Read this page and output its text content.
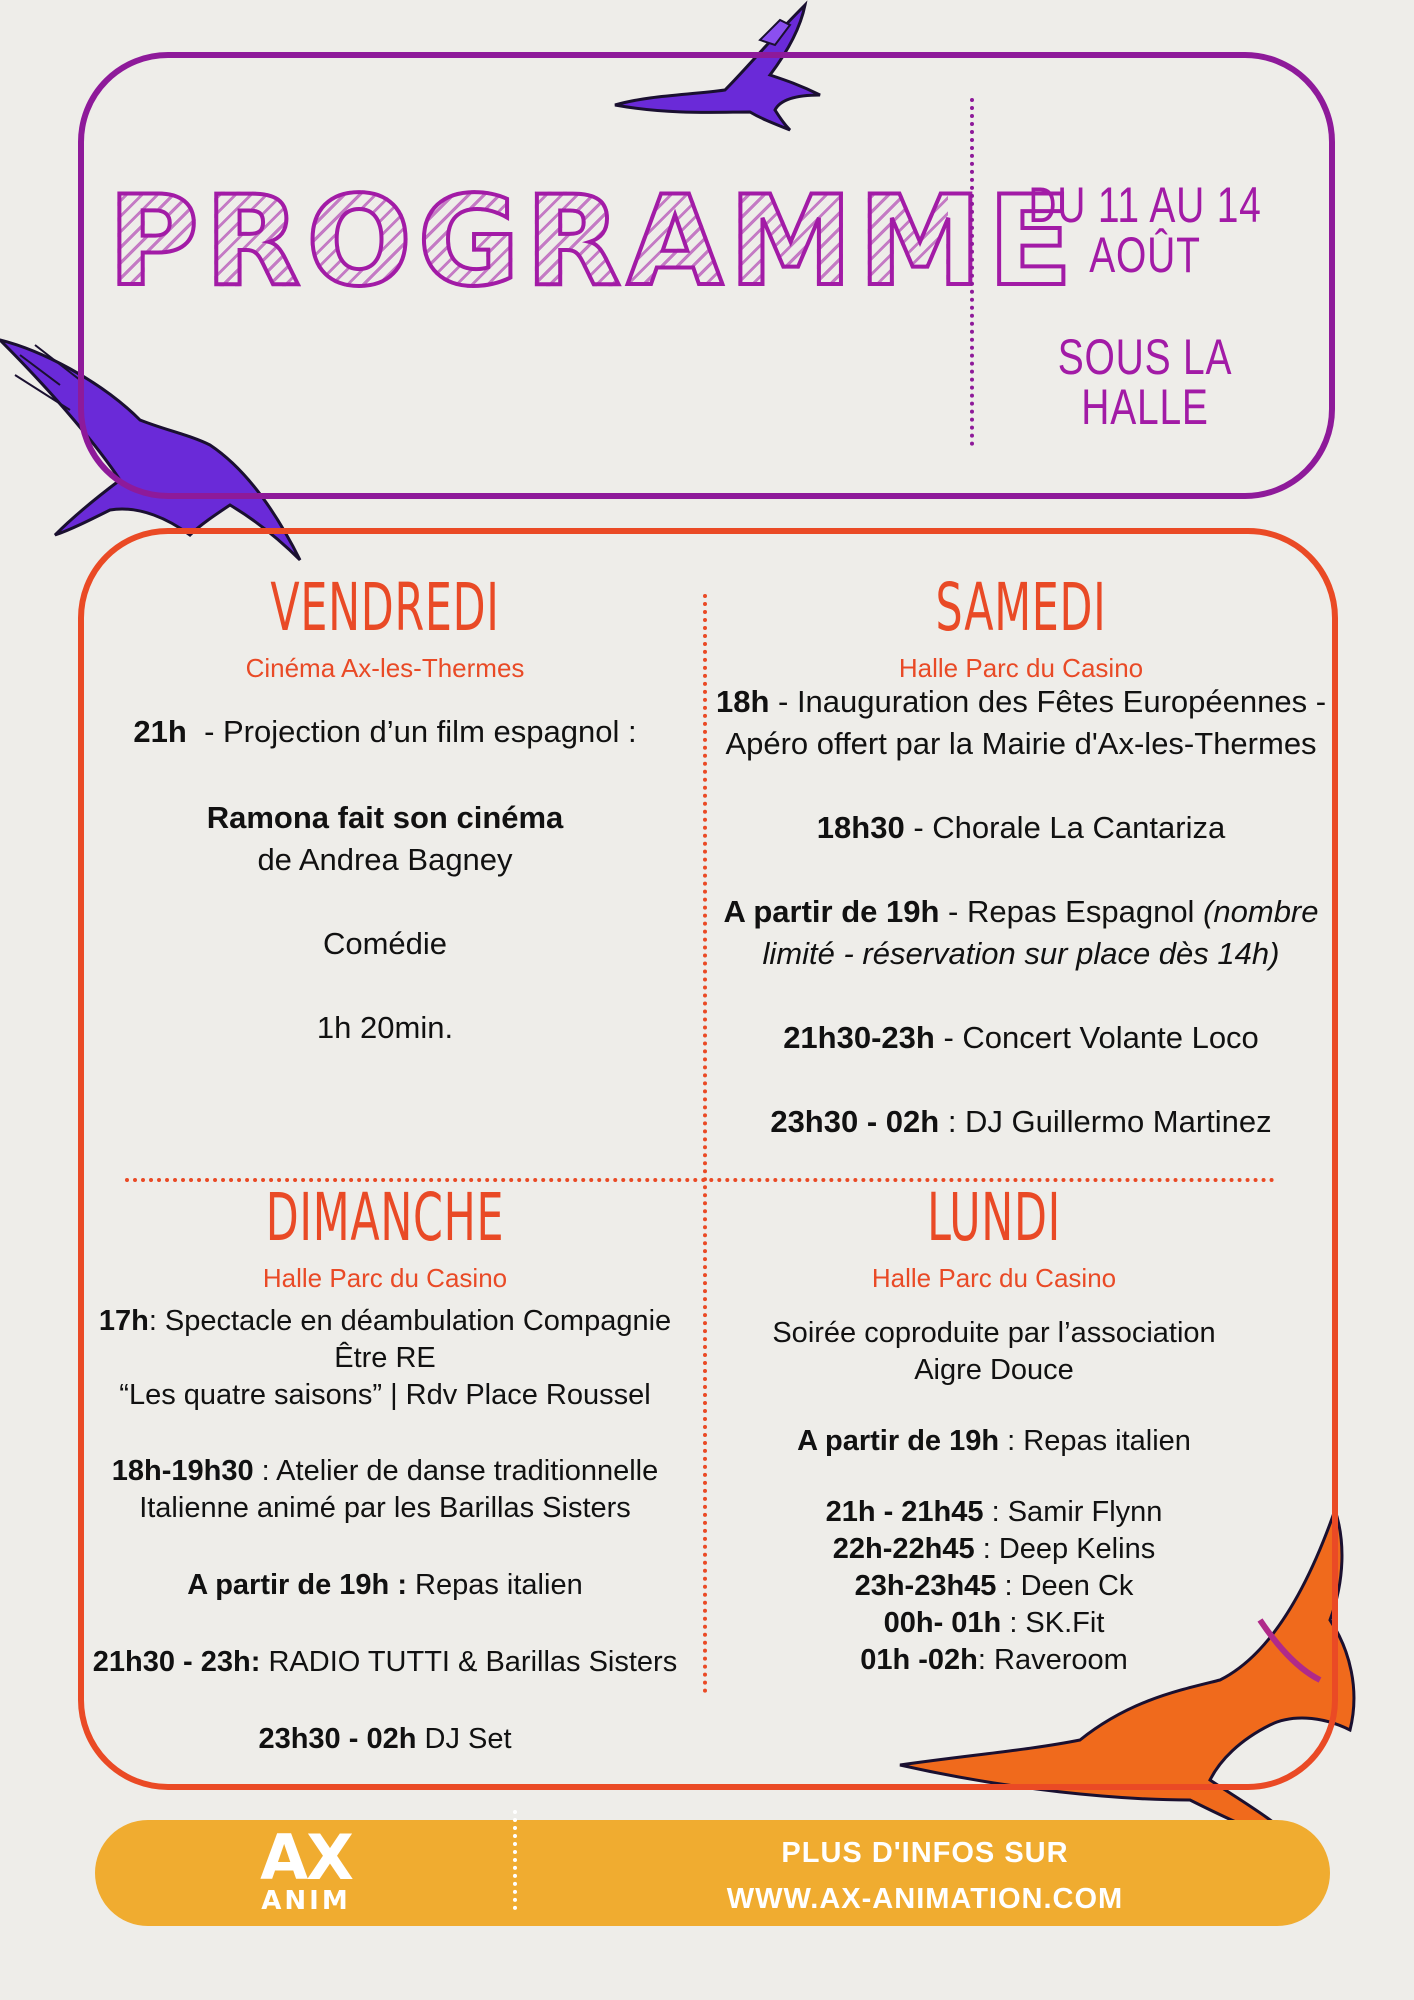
PROGRAMME
DU 11 AU 14 AOÛT
SOUS LA HALLE
VENDREDI
Cinéma Ax-les-Thermes
21h - Projection d’un film espagnol :
Ramona fait son cinéma
de Andrea Bagney
Comédie
1h 20min.
SAMEDI
Halle Parc du Casino
18h - Inauguration des Fêtes Européennes -
Apéro offert par la Mairie d'Ax-les-Thermes
18h30 - Chorale La Cantariza
A partir de 19h - Repas Espagnol (nombre
limité - réservation sur place dès 14h)
21h30-23h - Concert Volante Loco
23h30 - 02h : DJ Guillermo Martinez
DIMANCHE
Halle Parc du Casino
17h: Spectacle en déambulation Compagnie
Être RE
“Les quatre saisons” | Rdv Place Roussel
18h-19h30 : Atelier de danse traditionnelle
Italienne animé par les Barillas Sisters
A partir de 19h : Repas italien
21h30 - 23h: RADIO TUTTI & Barillas Sisters
23h30 - 02h DJ Set
LUNDI
Halle Parc du Casino
Soirée coproduite par l’association
Aigre Douce
A partir de 19h : Repas italien
21h - 21h45 : Samir Flynn
22h-22h45 : Deep Kelins
23h-23h45 : Deen Ck
00h- 01h : SK.Fit
01h -02h: Raveroom
AX
ANIM
PLUS D'INFOS SUR
WWW.AX-ANIMATION.COM
